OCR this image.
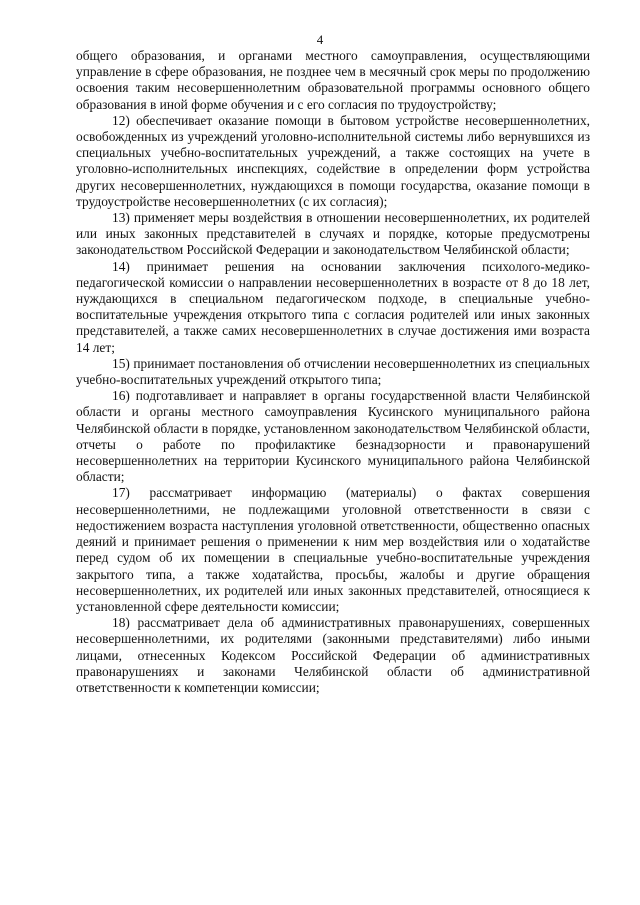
4

общего образования, и органами местного самоуправления, осуществляющими управление в сфере образования, не позднее чем в месячный срок меры по продолжению освоения таким несовершеннолетним образовательной программы основного общего образования в иной форме обучения и с его согласия по трудоустройству;

12) обеспечивает оказание помощи в бытовом устройстве несовершеннолетних, освобожденных из учреждений уголовно-исполнительной системы либо вернувшихся из специальных учебно-воспитательных учреждений, а также состоящих на учете в уголовно-исполнительных инспекциях, содействие в определении форм устройства других несовершеннолетних, нуждающихся в помощи государства, оказание помощи в трудоустройстве несовершеннолетних (с их согласия);

13) применяет меры воздействия в отношении несовершеннолетних, их родителей или иных законных представителей в случаях и порядке, которые предусмотрены законодательством Российской Федерации и законодательством Челябинской области;

14) принимает решения на основании заключения психолого-медико-педагогической комиссии о направлении несовершеннолетних в возрасте от 8 до 18 лет, нуждающихся в специальном педагогическом подходе, в специальные учебно-воспитательные учреждения открытого типа с согласия родителей или иных законных представителей, а также самих несовершеннолетних в случае достижения ими возраста 14 лет;

15) принимает постановления об отчислении несовершеннолетних из специальных учебно-воспитательных учреждений открытого типа;

16) подготавливает и направляет в органы государственной власти Челябинской области и органы местного самоуправления Кусинского муниципального района Челябинской области в порядке, установленном законодательством Челябинской области, отчеты о работе по профилактике безнадзорности и правонарушений несовершеннолетних на территории Кусинского муниципального района Челябинской области;

17) рассматривает информацию (материалы) о фактах совершения несовершеннолетними, не подлежащими уголовной ответственности в связи с недостижением возраста наступления уголовной ответственности, общественно опасных деяний и принимает решения о применении к ним мер воздействия или о ходатайстве перед судом об их помещении в специальные учебно-воспитательные учреждения закрытого типа, а также ходатайства, просьбы, жалобы и другие обращения несовершеннолетних, их родителей или иных законных представителей, относящиеся к установленной сфере деятельности комиссии;

18) рассматривает дела об административных правонарушениях, совершенных несовершеннолетними, их родителями (законными представителями) либо иными лицами, отнесенных Кодексом Российской Федерации об административных правонарушениях и законами Челябинской области об административной ответственности к компетенции комиссии;
